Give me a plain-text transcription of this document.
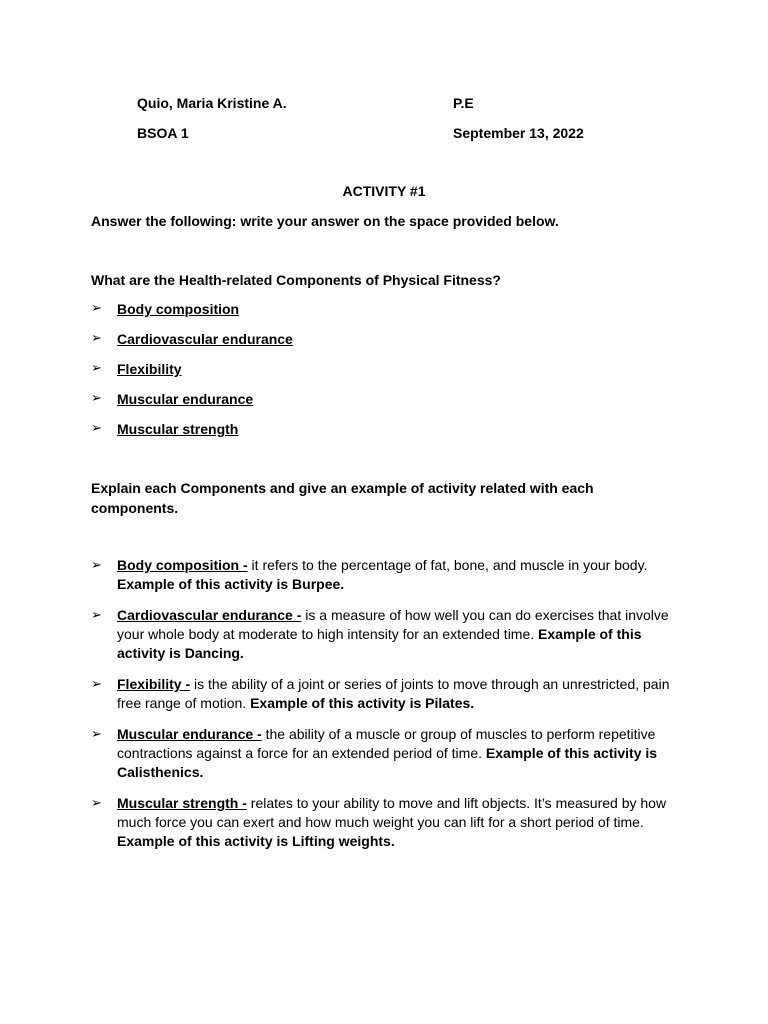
Quio, Maria Kristine A.	P.E
BSOA 1	September 13, 2022
ACTIVITY #1
Answer the following: write your answer on the space provided below.
What are the Health-related Components of Physical Fitness?
➢ Body composition
➢ Cardiovascular endurance
➢ Flexibility
➢ Muscular endurance
➢ Muscular strength
Explain each Components and give an example of activity related with each components.
➢ Body composition - it refers to the percentage of fat, bone, and muscle in your body. Example of this activity is Burpee.
➢ Cardiovascular endurance - is a measure of how well you can do exercises that involve your whole body at moderate to high intensity for an extended time. Example of this activity is Dancing.
➢ Flexibility - is the ability of a joint or series of joints to move through an unrestricted, pain free range of motion. Example of this activity is Pilates.
➢ Muscular endurance - the ability of a muscle or group of muscles to perform repetitive contractions against a force for an extended period of time. Example of this activity is Calisthenics.
➢ Muscular strength - relates to your ability to move and lift objects. It’s measured by how much force you can exert and how much weight you can lift for a short period of time. Example of this activity is Lifting weights.
